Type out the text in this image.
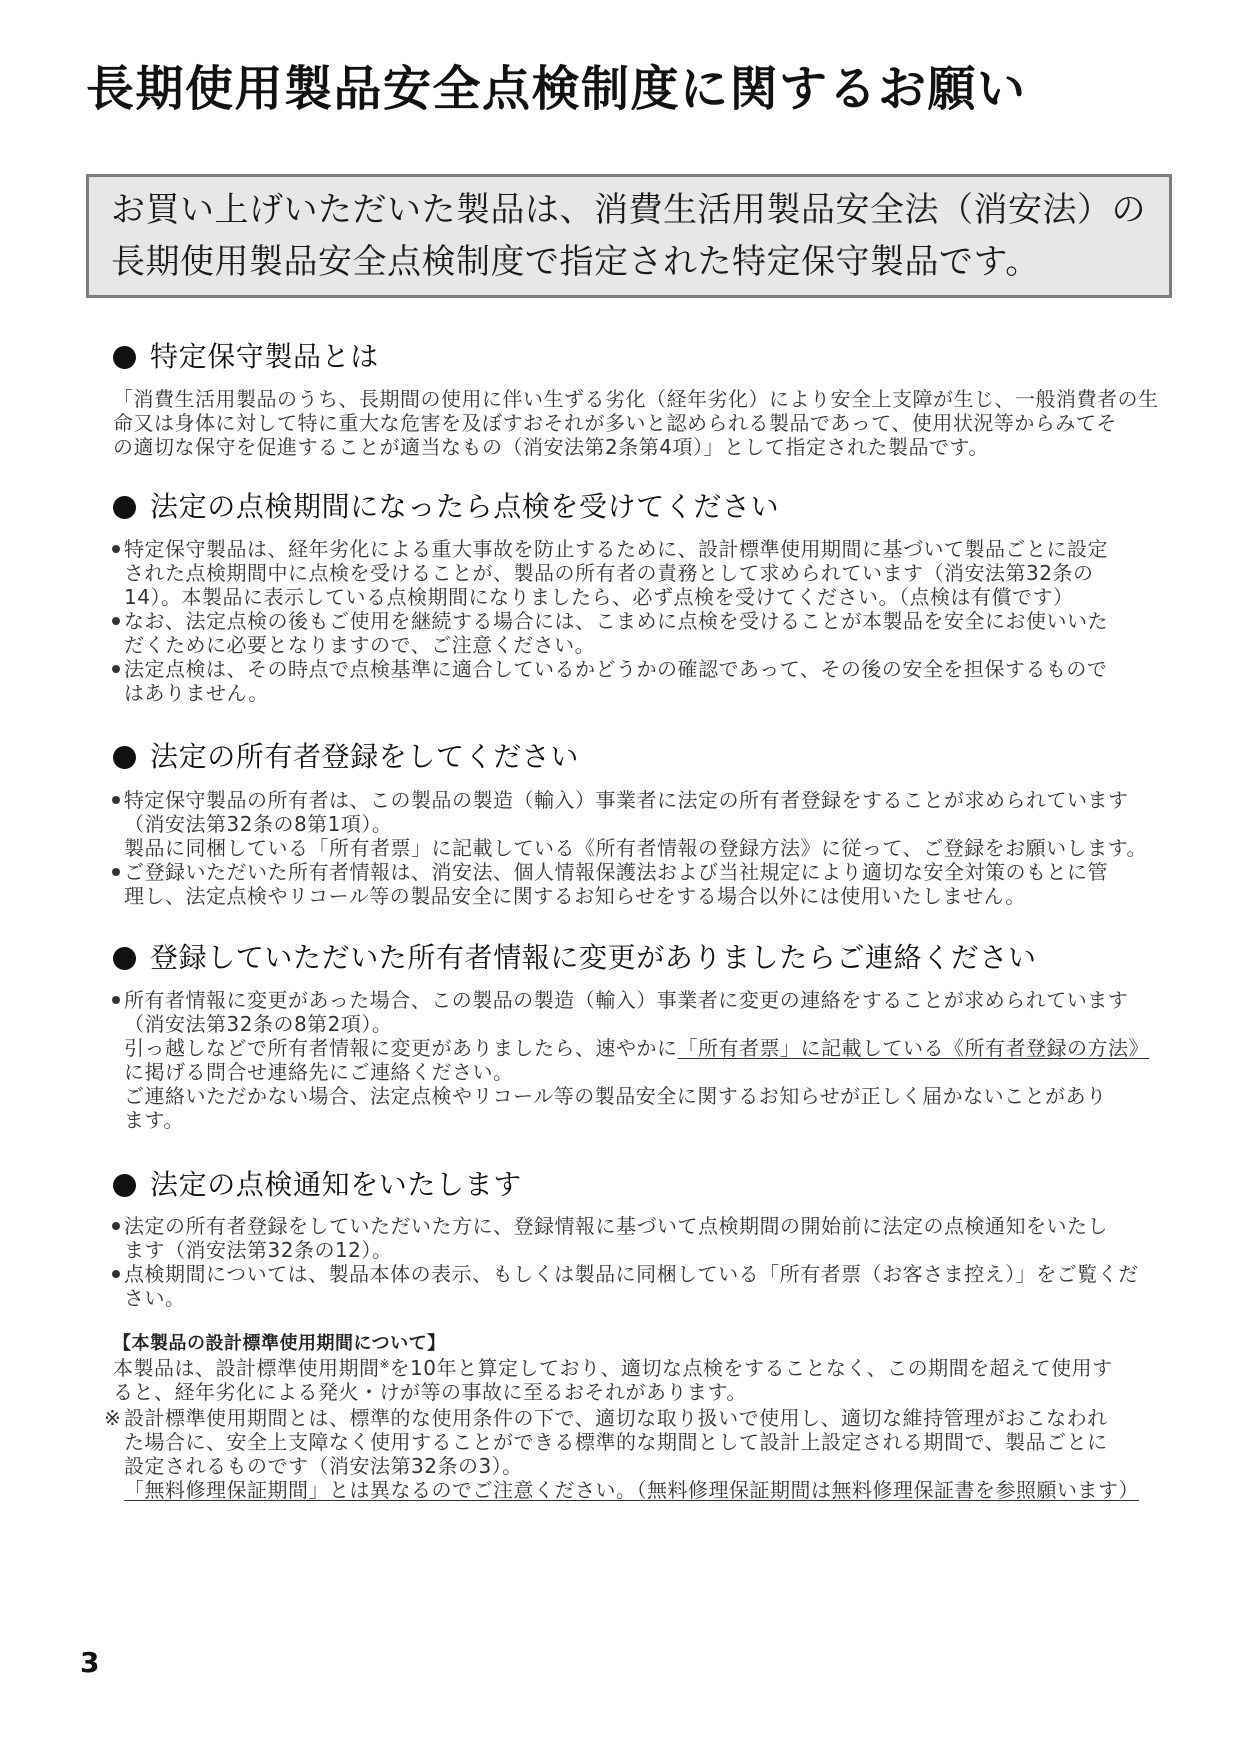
長期使用製品安全点検制度に関するお願い
お買い上げいただいた製品は、消費生活用製品安全法（消安法）の
長期使用製品安全点検制度で指定された特定保守製品です。
特定保守製品とは
「消費生活用製品のうち、長期間の使用に伴い生ずる劣化（経年劣化）により安全上支障が生じ、一般消費者の生
命又は身体に対して特に重大な危害を及ぼすおそれが多いと認められる製品であって、使用状況等からみてそ
の適切な保守を促進することが適当なもの（消安法第2条第4項）」として指定された製品です。
法定の点検期間になったら点検を受けてください
特定保守製品は、経年劣化による重大事故を防止するために、設計標準使用期間に基づいて製品ごとに設定
された点検期間中に点検を受けることが、製品の所有者の責務として求められています（消安法第32条の
14）。本製品に表示している点検期間になりましたら、必ず点検を受けてください。（点検は有償です）
なお、法定点検の後もご使用を継続する場合には、こまめに点検を受けることが本製品を安全にお使いいた
だくために必要となりますので、ご注意ください。
法定点検は、その時点で点検基準に適合しているかどうかの確認であって、その後の安全を担保するもので
はありません。
法定の所有者登録をしてください
特定保守製品の所有者は、この製品の製造（輸入）事業者に法定の所有者登録をすることが求められています
（消安法第32条の8第1項）。
製品に同梱している「所有者票」に記載している《所有者情報の登録方法》に従って、ご登録をお願いします。
ご登録いただいた所有者情報は、消安法、個人情報保護法および当社規定により適切な安全対策のもとに管
理し、法定点検やリコール等の製品安全に関するお知らせをする場合以外には使用いたしません。
登録していただいた所有者情報に変更がありましたらご連絡ください
所有者情報に変更があった場合、この製品の製造（輸入）事業者に変更の連絡をすることが求められています
（消安法第32条の8第2項）。
引っ越しなどで所有者情報に変更がありましたら、速やかに「所有者票」に記載している《所有者登録の方法》
に掲げる問合せ連絡先にご連絡ください。
ご連絡いただかない場合、法定点検やリコール等の製品安全に関するお知らせが正しく届かないことがあり
ます。
法定の点検通知をいたします
法定の所有者登録をしていただいた方に、登録情報に基づいて点検期間の開始前に法定の点検通知をいたし
ます（消安法第32条の12）。
点検期間については、製品本体の表示、もしくは製品に同梱している「所有者票（お客さま控え）」をご覧くだ
さい。
【本製品の設計標準使用期間について】
本製品は、設計標準使用期間※を10年と算定しており、適切な点検をすることなく、この期間を超えて使用す
ると、経年劣化による発火・けが等の事故に至るおそれがあります。
※ 設計標準使用期間とは、標準的な使用条件の下で、適切な取り扱いで使用し、適切な維持管理がおこなわれ
た場合に、安全上支障なく使用することができる標準的な期間として設計上設定される期間で、製品ごとに
設定されるものです（消安法第32条の3）。
「無料修理保証期間」とは異なるのでご注意ください。（無料修理保証期間は無料修理保証書を参照願います）
3
